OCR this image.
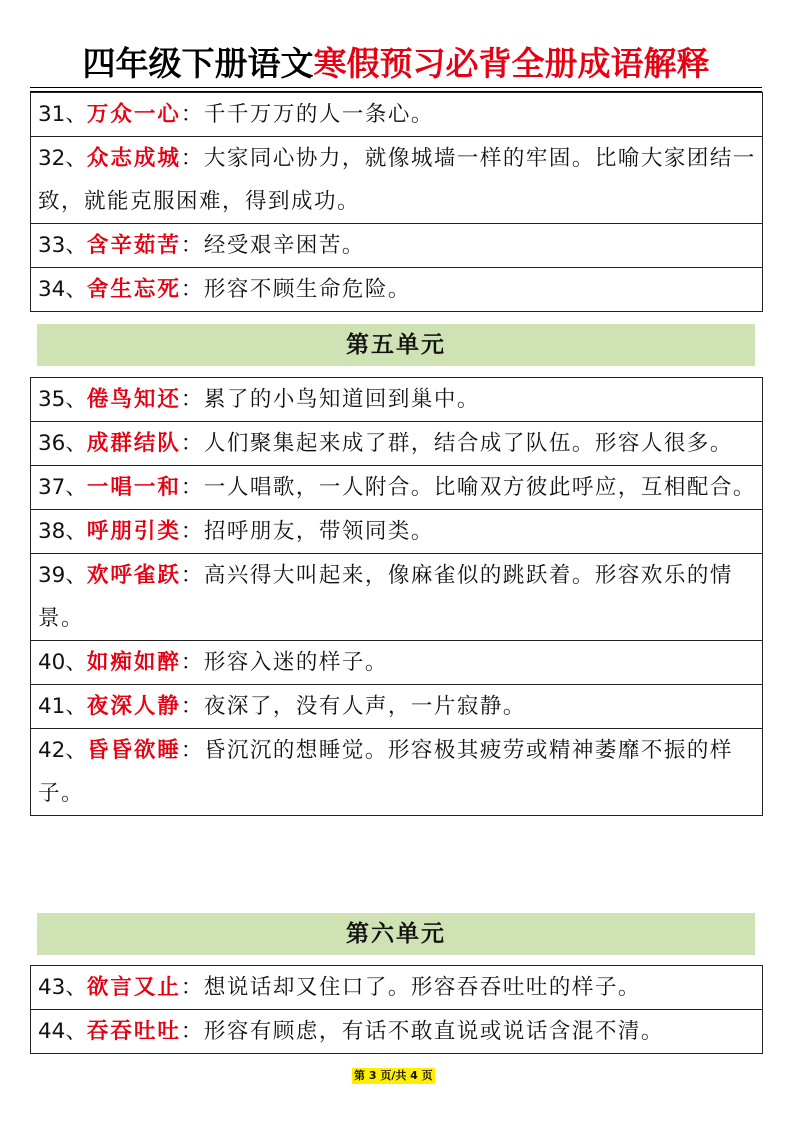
四年级下册语文寒假预习必背全册成语解释
31、万众一心：千千万万的人一条心。
32、众志成城：大家同心协力，就像城墙一样的牢固。比喻大家团结一致，就能克服困难，得到成功。
33、含辛茹苦：经受艰辛困苦。
34、舍生忘死：形容不顾生命危险。
第五单元
35、倦鸟知还：累了的小鸟知道回到巢中。
36、成群结队：人们聚集起来成了群，结合成了队伍。形容人很多。
37、一唱一和：一人唱歌，一人附合。比喻双方彼此呼应，互相配合。
38、呼朋引类：招呼朋友，带领同类。
39、欢呼雀跃：高兴得大叫起来，像麻雀似的跳跃着。形容欢乐的情景。
40、如痴如醉：形容入迷的样子。
41、夜深人静：夜深了，没有人声，一片寂静。
42、昏昏欲睡：昏沉沉的想睡觉。形容极其疲劳或精神萎靡不振的样子。
第六单元
43、欲言又止：想说话却又住口了。形容吞吞吐吐的样子。
44、吞吞吐吐：形容有顾虑，有话不敢直说或说话含混不清。
第 3 页/共 4 页
